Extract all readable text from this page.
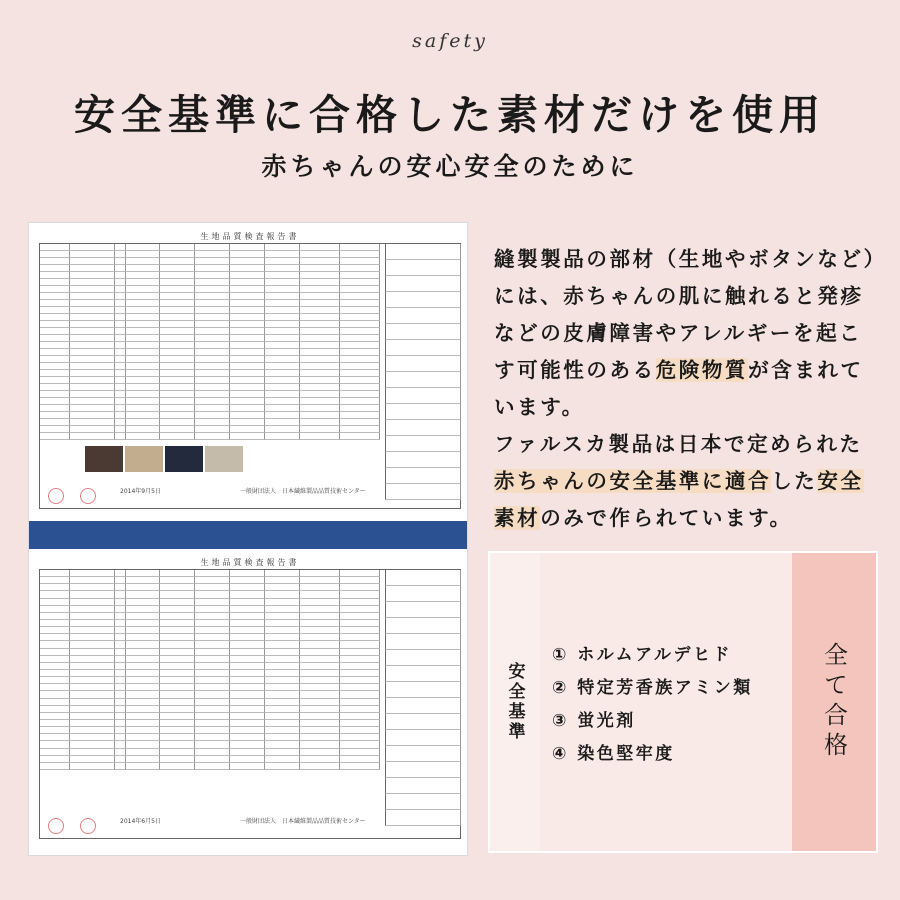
safety
安全基準に合格した素材だけを使用
赤ちゃんの安心安全のために
生地品質検査報告書
2014年9月5日	一般財団法人　日本繊維製品品質技術センター
生地品質検査報告書
2014年6月5日	一般財団法人　日本繊維製品品質技術センター
縫製製品の部材（生地やボタンなど）
には、赤ちゃんの肌に触れると発疹
などの皮膚障害やアレルギーを起こ
す可能性のある危険物質が含まれて
います。
ファルスカ製品は日本で定められた
赤ちゃんの安全基準に適合した安全
素材のみで作られています。
安全基準
① ホルムアルデヒド
② 特定芳香族アミン類
③ 蛍光剤
④ 染色堅牢度	全て合格
